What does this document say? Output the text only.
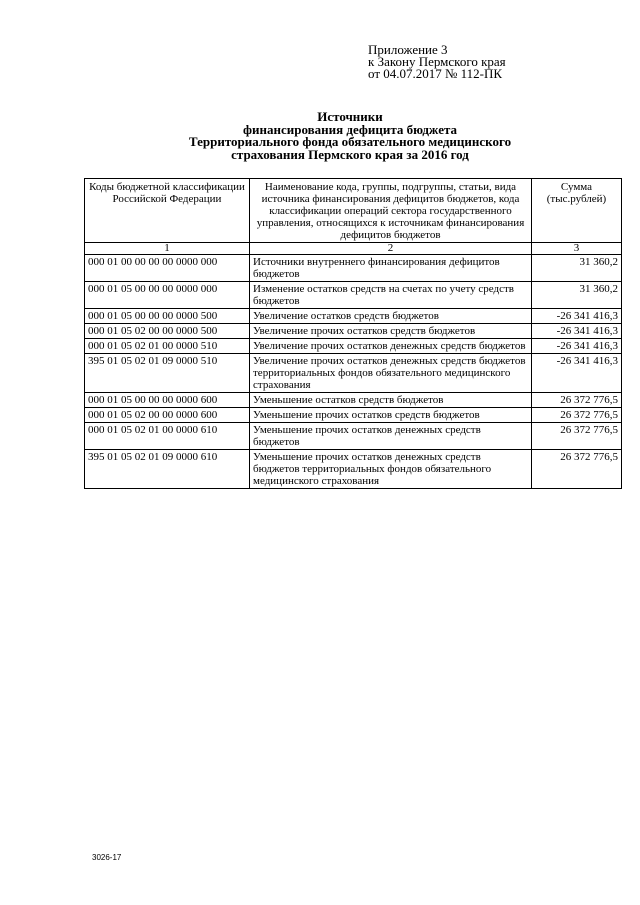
Приложение 3
к Закону Пермского края
от 04.07.2017 № 112-ПК
Источники
финансирования дефицита бюджета
Территориального фонда обязательного медицинского
страхования Пермского края за 2016 год
Коды бюджетной классификации Российской Федерации	Наименование кода, группы, подгруппы, статьи, вида источника финансирования дефицитов бюджетов, кода классификации операций сектора государственного управления, относящихся к источникам финансирования дефицитов бюджетов	Сумма (тыс.рублей)
1	2	3
000 01 00 00 00 00 0000 000	Источники внутреннего финансирования дефицитов бюджетов	31 360,2
000 01 05 00 00 00 0000 000	Изменение остатков средств на счетах по учету средств бюджетов	31 360,2
000 01 05 00 00 00 0000 500	Увеличение остатков средств бюджетов	-26 341 416,3
000 01 05 02 00 00 0000 500	Увеличение прочих остатков средств бюджетов	-26 341 416,3
000 01 05 02 01 00 0000 510	Увеличение прочих остатков денежных средств бюджетов	-26 341 416,3
395 01 05 02 01 09 0000 510	Увеличение прочих остатков денежных средств бюджетов территориальных фондов обязательного медицинского страхования	-26 341 416,3
000 01 05 00 00 00 0000 600	Уменьшение остатков средств бюджетов	26 372 776,5
000 01 05 02 00 00 0000 600	Уменьшение прочих остатков средств бюджетов	26 372 776,5
000 01 05 02 01 00 0000 610	Уменьшение прочих остатков денежных средств бюджетов	26 372 776,5
395 01 05 02 01 09 0000 610	Уменьшение прочих остатков денежных средств бюджетов территориальных фондов обязательного медицинского страхования	26 372 776,5
3026-17
